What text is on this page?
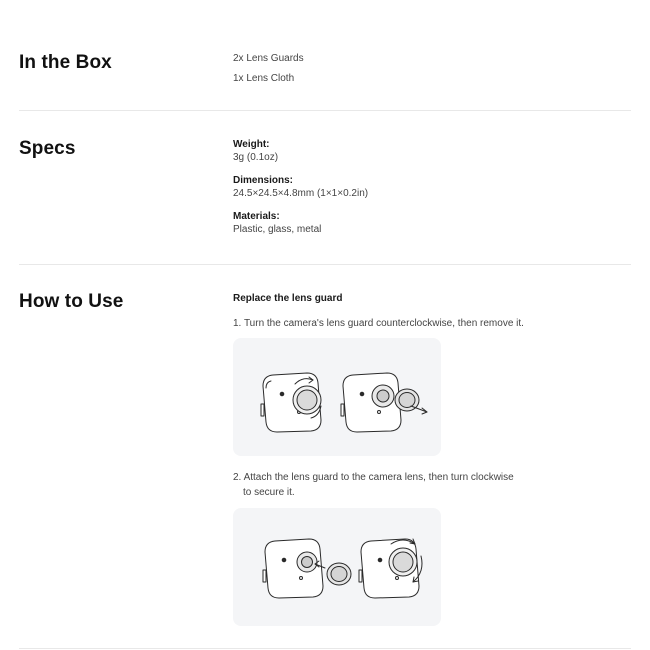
In the Box	2x Lens Guards

1x Lens Cloth

Specs	Weight:

3g (0.1oz)

Dimensions:

24.5×24.5×4.8mm (1×1×0.2in)

Materials:

Plastic, glass, metal

How to Use	Replace the lens guard

1. Turn the camera's lens guard counterclockwise, then remove it.

2. Attach the lens guard to the camera lens, then turn clockwise

to secure it.
